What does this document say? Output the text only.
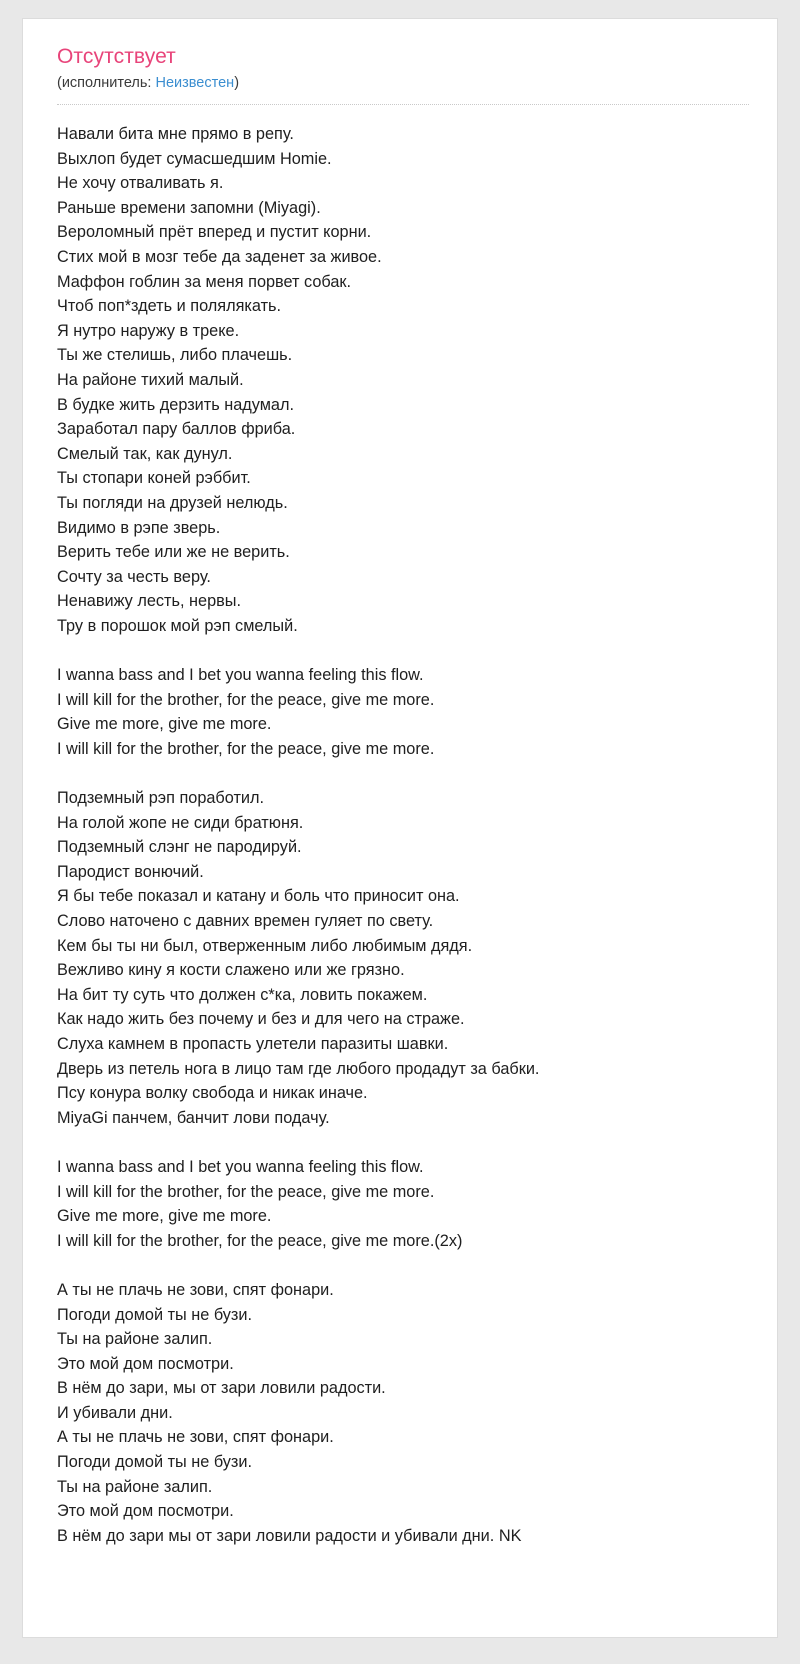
Отсутствует
(исполнитель: Неизвестен)
Навали бита мне прямо в репу.
Выхлоп будет сумасшедшим Homie.
Не хочу отваливать я.
Раньше времени запомни (Miyagi).
Вероломный прёт вперед и пустит корни.
Стих мой в мозг тебе да заденет за живое.
Маффон гоблин за меня порвет собак.
Чтоб поп*здеть и полялякать.
Я нутро наружу в треке.
Ты же стелишь, либо плачешь.
На районе тихий малый.
В будке жить дерзить надумал.
Заработал пару баллов фриба.
Смелый так, как дунул.
Ты стопари коней рэббит.
Ты погляди на друзей нелюдь.
Видимо в рэпе зверь.
Верить тебе или же не верить.
Сочту за честь веру.
Ненавижу лесть, нервы.
Тру в порошок мой рэп смелый.
I wanna bass and I bet you wanna feeling this flow.
I will kill for the brother, for the peace, give me more.
Give me more, give me more.
I will kill for the brother, for the peace, give me more.
Подземный рэп поработил.
На голой жопе не сиди братюня.
Подземный слэнг не пародируй.
Пародист вонючий.
Я бы тебе показал и катану и боль что приносит она.
Слово наточено с давних времен гуляет по свету.
Кем бы ты ни был, отверженным либо любимым дядя.
Вежливо кину я кости слажено или же грязно.
На бит ту суть что должен с*ка, ловить покажем.
Как надо жить без почему и без и для чего на страже.
Слуха камнем в пропасть улетели паразиты шавки.
Дверь из петель нога в лицо там где любого продадут за бабки.
Псу конура волку свобода и никак иначе.
MiyaGi панчем, банчит лови подачу.
I wanna bass and I bet you wanna feeling this flow.
I will kill for the brother, for the peace, give me more.
Give me more, give me more.
I will kill for the brother, for the peace, give me more.(2x)
А ты не плачь не зови, спят фонари.
Погоди домой ты не бузи.
Ты на районе залип.
Это мой дом посмотри.
В нём до зари, мы от зари ловили радости.
И убивали дни.
А ты не плачь не зови, спят фонари.
Погоди домой ты не бузи.
Ты на районе залип.
Это мой дом посмотри.
В нём до зари мы от зари ловили радости и убивали дни. NK
